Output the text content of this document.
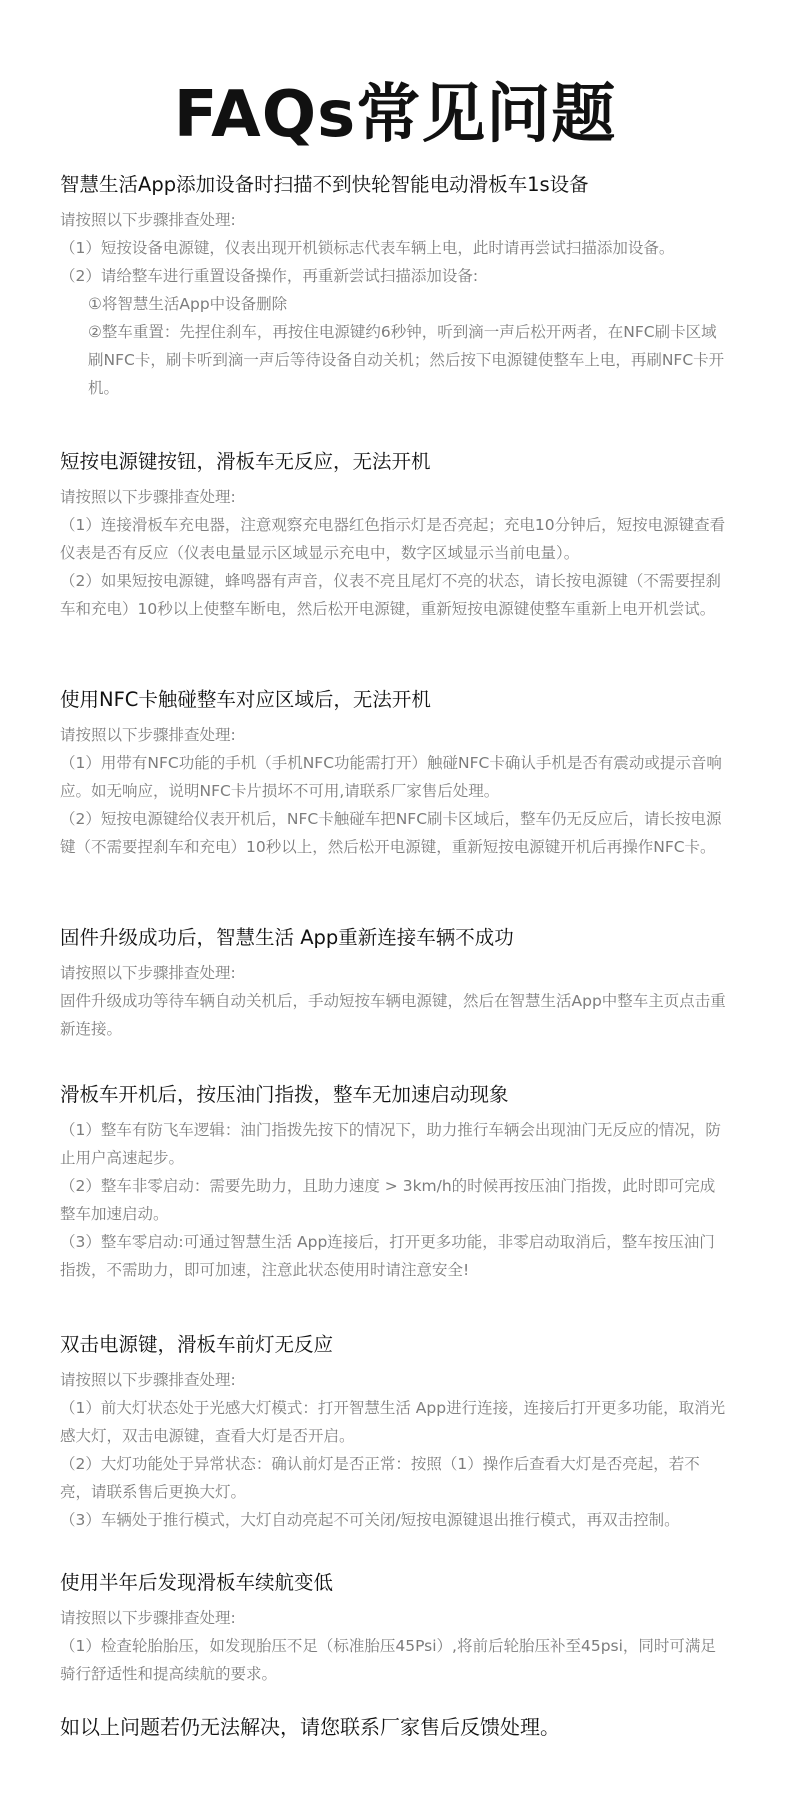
FAQs常见问题
智慧生活App添加设备时扫描不到快轮智能电动滑板车1s设备

请按照以下步骤排查处理:

（1）短按设备电源键，仪表出现开机锁标志代表车辆上电，此时请再尝试扫描添加设备。

（2）请给整车进行重置设备操作，再重新尝试扫描添加设备:

①将智慧生活App中设备删除

②整车重置：先捏住刹车，再按住电源键约6秒钟，听到滴一声后松开两者，在NFC刷卡区域刷NFC卡，刷卡听到滴一声后等待设备自动关机；然后按下电源键使整车上电，再刷NFC卡开机。

短按电源键按钮，滑板车无反应，无法开机

请按照以下步骤排查处理:

（1）连接滑板车充电器，注意观察充电器红色指示灯是否亮起；充电10分钟后，短按电源键查看仪表是否有反应（仪表电量显示区域显示充电中，数字区域显示当前电量）。

（2）如果短按电源键，蜂鸣器有声音，仪表不亮且尾灯不亮的状态，请长按电源键（不需要捏刹车和充电）10秒以上使整车断电，然后松开电源键，重新短按电源键使整车重新上电开机尝试。

使用NFC卡触碰整车对应区域后，无法开机

请按照以下步骤排查处理:

（1）用带有NFC功能的手机（手机NFC功能需打开）触碰NFC卡确认手机是否有震动或提示音响应。如无响应，说明NFC卡片损坏不可用,请联系厂家售后处理。

（2）短按电源键给仪表开机后，NFC卡触碰车把NFC刷卡区域后，整车仍无反应后，请长按电源键（不需要捏刹车和充电）10秒以上，然后松开电源键，重新短按电源键开机后再操作NFC卡。

固件升级成功后，智慧生活 App重新连接车辆不成功

请按照以下步骤排查处理:

固件升级成功等待车辆自动关机后，手动短按车辆电源键，然后在智慧生活App中整车主页点击重新连接。

滑板车开机后，按压油门指拨，整车无加速启动现象

（1）整车有防飞车逻辑：油门指拨先按下的情况下，助力推行车辆会出现油门无反应的情况，防止用户高速起步。

（2）整车非零启动：需要先助力，且助力速度 > 3km/h的时候再按压油门指拨，此时即可完成整车加速启动。

（3）整车零启动:可通过智慧生活 App连接后，打开更多功能，非零启动取消后，整车按压油门指拨，不需助力，即可加速，注意此状态使用时请注意安全!

双击电源键，滑板车前灯无反应

请按照以下步骤排查处理:

（1）前大灯状态处于光感大灯模式：打开智慧生活 App进行连接，连接后打开更多功能，取消光感大灯，双击电源键，查看大灯是否开启。

（2）大灯功能处于异常状态：确认前灯是否正常：按照（1）操作后查看大灯是否亮起，若不亮，请联系售后更换大灯。

（3）车辆处于推行模式，大灯自动亮起不可关闭/短按电源键退出推行模式，再双击控制。

使用半年后发现滑板车续航变低

请按照以下步骤排查处理:

（1）检查轮胎胎压，如发现胎压不足（标准胎压45Psi）,将前后轮胎压补至45psi，同时可满足骑行舒适性和提高续航的要求。

如以上问题若仍无法解决，请您联系厂家售后反馈处理。
